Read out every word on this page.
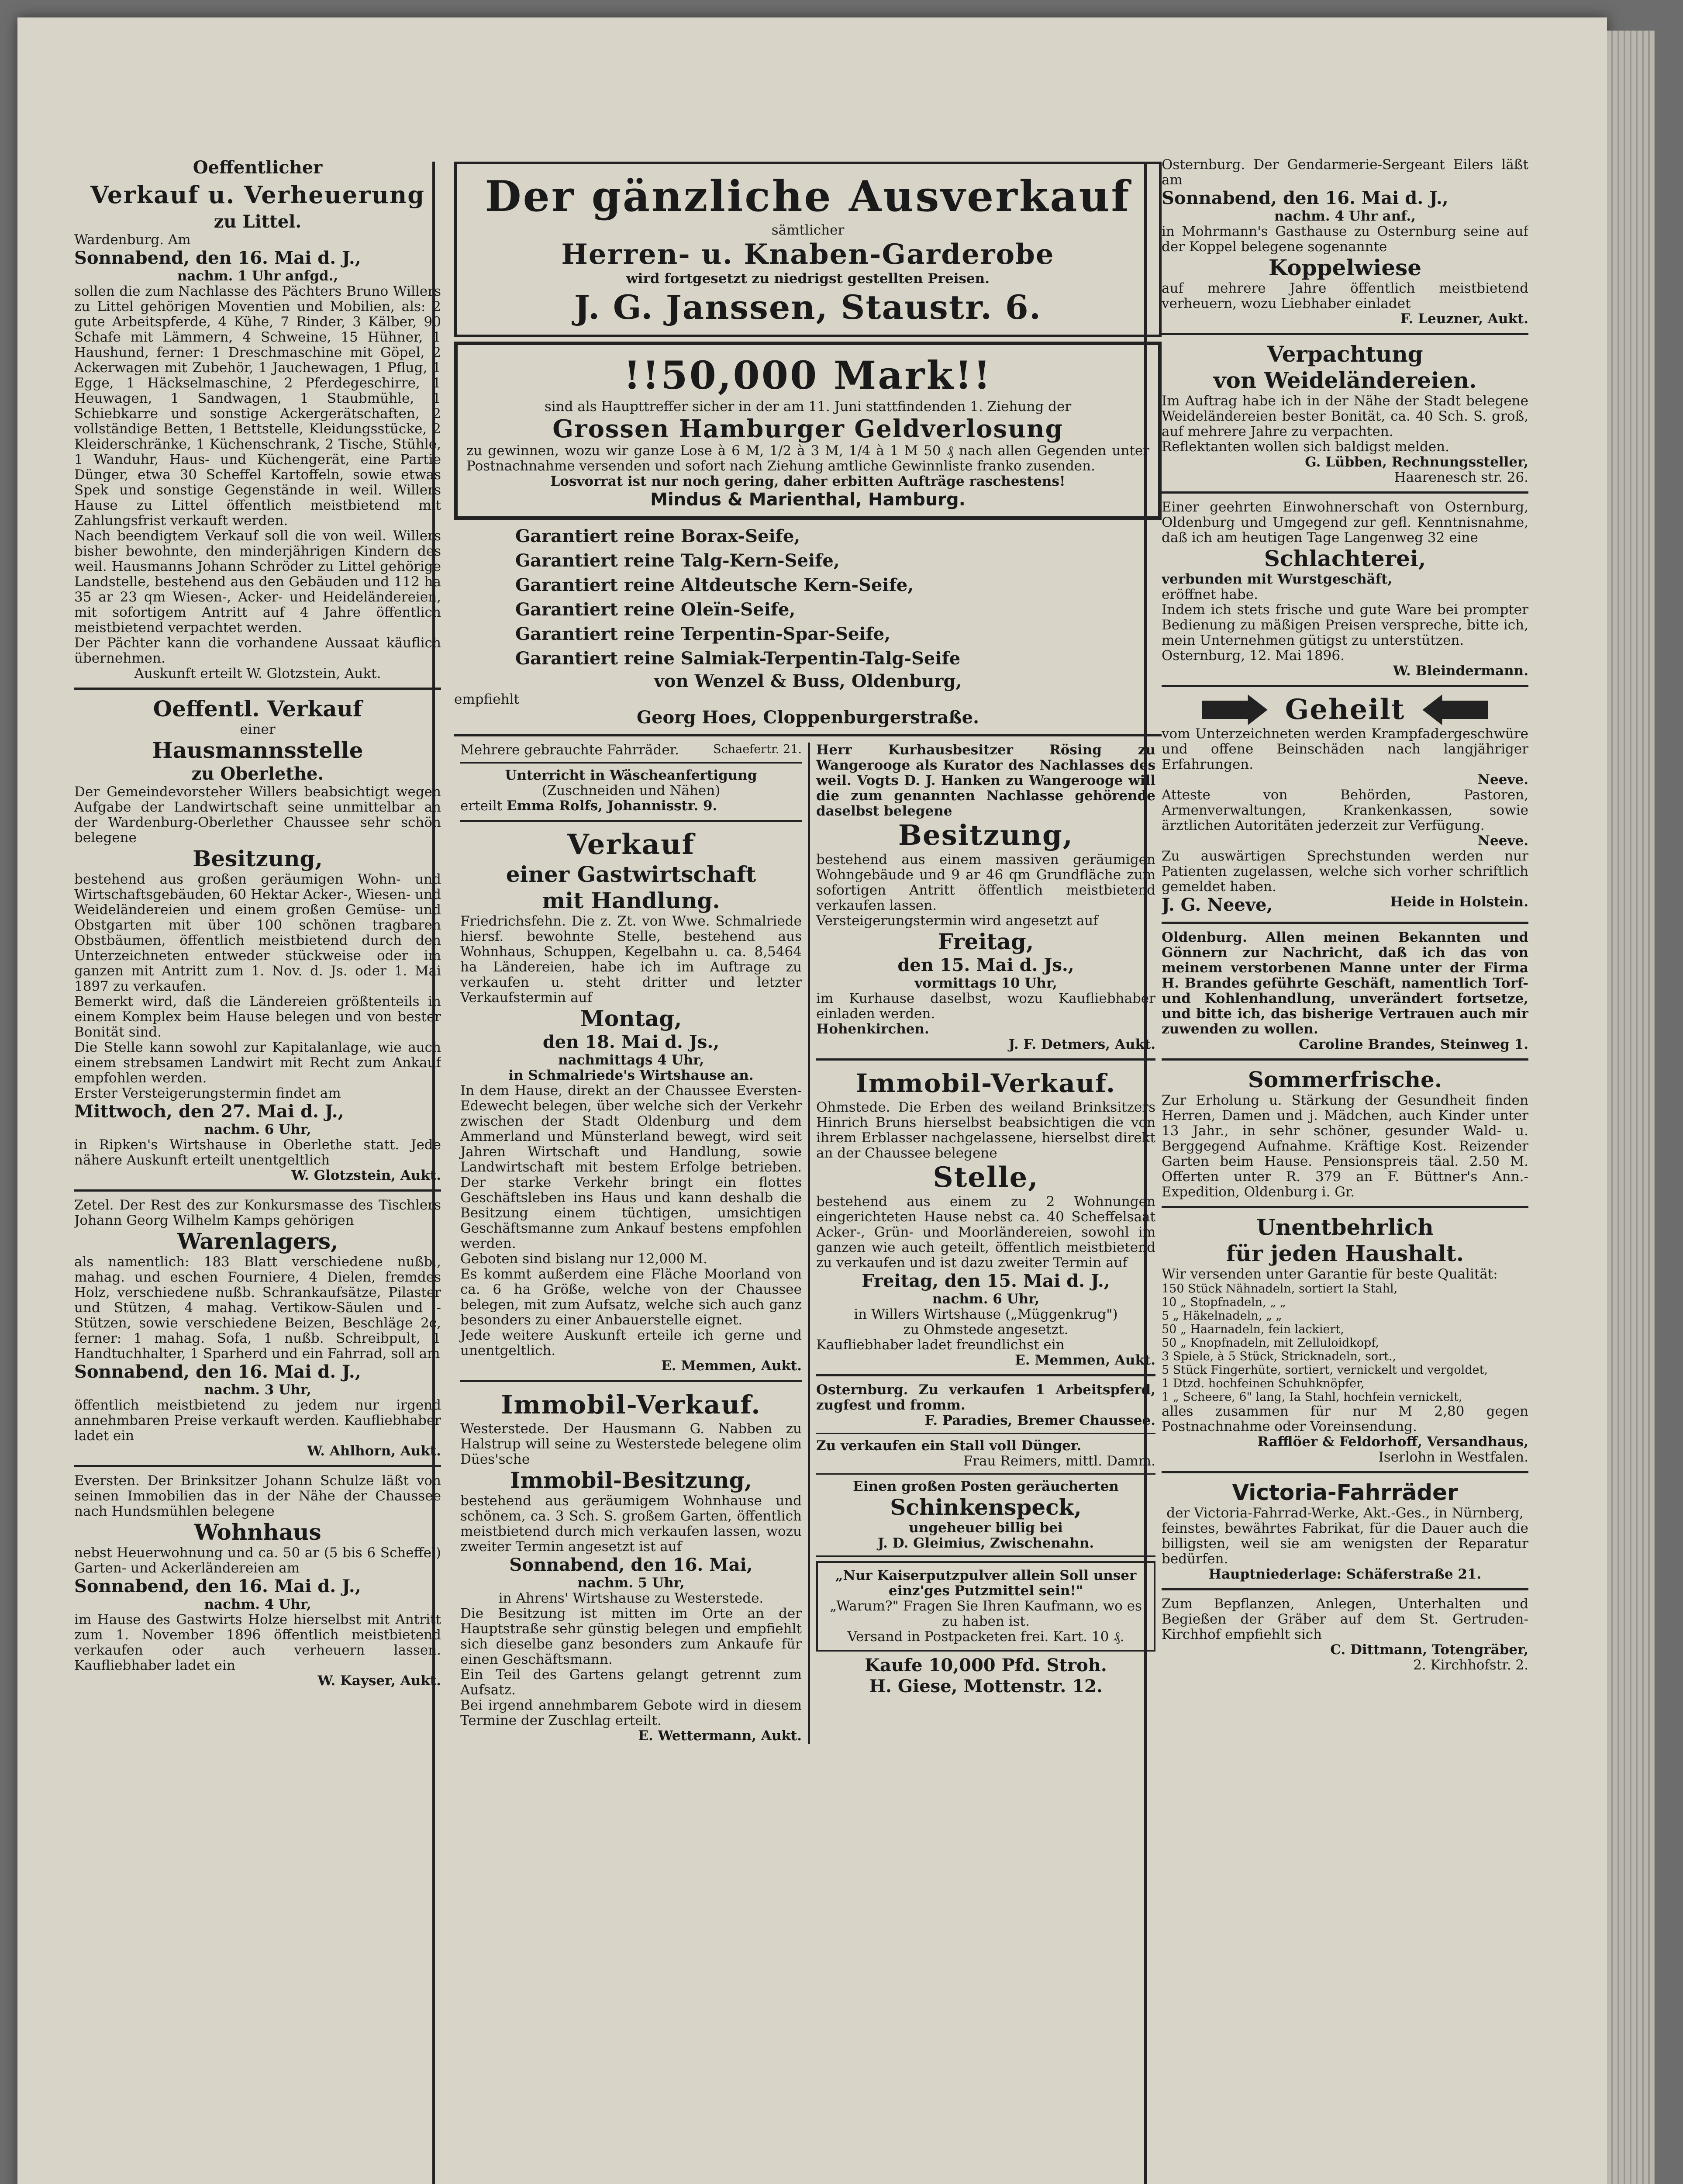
Oeffentlicher

Verkauf u. Verheuerung

zu Littel.

Wardenburg. Am

Sonnabend, den 16. Mai d. J.,

nachm. 1 Uhr anfgd.,

sollen die zum Nachlasse des Pächters Bruno Willers zu Littel gehörigen Moventien und Mobilien, als: 2 gute Arbeitspferde, 4 Kühe, 7 Rinder, 3 Kälber, 90 Schafe mit Lämmern, 4 Schweine, 15 Hühner, 1 Haushund, ferner: 1 Dreschmaschine mit Göpel, 2 Ackerwagen mit Zubehör, 1 Jauchewagen, 1 Pflug, 1 Egge, 1 Häckselmaschine, 2 Pferdegeschirre, 1 Heuwagen, 1 Sandwagen, 1 Staubmühle, 1 Schiebkarre und sonstige Ackergerätschaften, 2 vollständige Betten, 1 Bettstelle, Kleidungsstücke, 2 Kleiderschränke, 1 Küchenschrank, 2 Tische, Stühle, 1 Wanduhr, Haus- und Küchengerät, eine Partie Dünger, etwa 30 Scheffel Kartoffeln, sowie etwas Spek und sonstige Gegenstände in weil. Willers Hause zu Littel öffentlich meistbietend mit Zahlungsfrist verkauft werden.

Nach beendigtem Verkauf soll die von weil. Willers bisher bewohnte, den minderjährigen Kindern des weil. Hausmanns Johann Schröder zu Littel gehörige Landstelle, bestehend aus den Gebäuden und 112 ha 35 ar 23 qm Wiesen-, Acker- und Heideländereien, mit sofortigem Antritt auf 4 Jahre öffentlich meistbietend verpachtet werden.

Der Pächter kann die vorhandene Aussaat käuflich übernehmen.

Auskunft erteilt W. Glotzstein, Aukt.

Oeffentl. Verkauf

einer

Hausmannsstelle

zu Oberlethe.

Der Gemeindevorsteher Willers beabsichtigt wegen Aufgabe der Landwirtschaft seine unmittelbar an der Wardenburg-Oberlether Chaussee sehr schön belegene

Besitzung,

bestehend aus großen geräumigen Wohn- und Wirtschaftsgebäuden, 60 Hektar Acker-, Wiesen- und Weideländereien und einem großen Gemüse- und Obstgarten mit über 100 schönen tragbaren Obstbäumen, öffentlich meistbietend durch den Unterzeichneten entweder stückweise oder im ganzen mit Antritt zum 1. Nov. d. Js. oder 1. Mai 1897 zu verkaufen.

Bemerkt wird, daß die Ländereien größtenteils in einem Komplex beim Hause belegen und von bester Bonität sind.

Die Stelle kann sowohl zur Kapitalanlage, wie auch einem strebsamen Landwirt mit Recht zum Ankauf empfohlen werden.

Erster Versteigerungstermin findet am

Mittwoch, den 27. Mai d. J.,

nachm. 6 Uhr,

in Ripken's Wirtshause in Oberlethe statt. Jede nähere Auskunft erteilt unentgeltlich

W. Glotzstein, Aukt.

Zetel. Der Rest des zur Konkursmasse des Tischlers Johann Georg Wilhelm Kamps gehörigen

Warenlagers,

als namentlich: 183 Blatt verschiedene nußb., mahag. und eschen Fourniere, 4 Dielen, fremdes Holz, verschiedene nußb. Schrankaufsätze, Pilaster und Stützen, 4 mahag. Vertikow-Säulen und -Stützen, sowie verschiedene Beizen, Beschläge 2c, ferner: 1 mahag. Sofa, 1 nußb. Schreibpult, 1 Handtuchhalter, 1 Sparherd und ein Fahrrad, soll am

Sonnabend, den 16. Mai d. J.,

nachm. 3 Uhr,

öffentlich meistbietend zu jedem nur irgend annehmbaren Preise verkauft werden. Kaufliebhaber ladet ein

W. Ahlhorn, Aukt.

Eversten. Der Brinksitzer Johann Schulze läßt von seinen Immobilien das in der Nähe der Chaussee nach Hundsmühlen belegene

Wohnhaus

nebst Heuerwohnung und ca. 50 ar (5 bis 6 Scheffel) Garten- und Ackerländereien am

Sonnabend, den 16. Mai d. J.,

nachm. 4 Uhr,

im Hause des Gastwirts Holze hierselbst mit Antritt zum 1. November 1896 öffentlich meistbietend verkaufen oder auch verheuern lassen. Kaufliebhaber ladet ein

W. Kayser, Aukt.

Der gänzliche Ausverkauf

sämtlicher

Herren- u. Knaben-Garderobe

wird fortgesetzt zu niedrigst gestellten Preisen.

J. G. Janssen, Staustr. 6.

!!50,000 Mark!!

sind als Haupttreffer sicher in der am 11. Juni stattfindenden 1. Ziehung der

Grossen Hamburger Geldverlosung

zu gewinnen, wozu wir ganze Lose à 6 M, 1/2 à 3 M, 1/4 à 1 M 50 ₰ nach allen Gegenden unter Postnachnahme versenden und sofort nach Ziehung amtliche Gewinnliste franko zusenden.

Losvorrat ist nur noch gering, daher erbitten Aufträge raschestens!

Mindus & Marienthal, Hamburg.

Garantiert reine Borax-Seife,

Garantiert reine Talg-Kern-Seife,

Garantiert reine Altdeutsche Kern-Seife,

Garantiert reine Oleïn-Seife,

Garantiert reine Terpentin-Spar-Seife,

Garantiert reine Salmiak-Terpentin-Talg-Seife

von Wenzel & Buss, Oldenburg,

empfiehlt

Georg Hoes, Cloppenburgerstraße.

Mehrere gebrauchte Fahrräder.	Schaefertr. 21.

Unterricht in Wäscheanfertigung

(Zuschneiden und Nähen)

erteilt Emma Rolfs, Johannisstr. 9.

Verkauf

einer Gastwirtschaft

mit Handlung.

Friedrichsfehn. Die z. Zt. von Wwe. Schmalriede hiersf. bewohnte Stelle, bestehend aus Wohnhaus, Schuppen, Kegelbahn u. ca. 8,5464 ha Ländereien, habe ich im Auftrage zu verkaufen u. steht dritter und letzter Verkaufstermin auf

Montag,

den 18. Mai d. Js.,

nachmittags 4 Uhr,

in Schmalriede's Wirtshause an.

In dem Hause, direkt an der Chaussee Eversten-Edewecht belegen, über welche sich der Verkehr zwischen der Stadt Oldenburg und dem Ammerland und Münsterland bewegt, wird seit Jahren Wirtschaft und Handlung, sowie Landwirtschaft mit bestem Erfolge betrieben. Der starke Verkehr bringt ein flottes Geschäftsleben ins Haus und kann deshalb die Besitzung einem tüchtigen, umsichtigen Geschäftsmanne zum Ankauf bestens empfohlen werden.

Geboten sind bislang nur 12,000 M.

Es kommt außerdem eine Fläche Moorland von ca. 6 ha Größe, welche von der Chaussee belegen, mit zum Aufsatz, welche sich auch ganz besonders zu einer Anbauerstelle eignet.

Jede weitere Auskunft erteile ich gerne und unentgeltlich.

E. Memmen, Aukt.

Immobil-Verkauf.

Westerstede. Der Hausmann G. Nabben zu Halstrup will seine zu Westerstede belegene olim Dües'sche

Immobil-Besitzung,

bestehend aus geräumigem Wohnhause und schönem, ca. 3 Sch. S. großem Garten, öffentlich meistbietend durch mich verkaufen lassen, wozu zweiter Termin angesetzt ist auf

Sonnabend, den 16. Mai,

nachm. 5 Uhr,

in Ahrens' Wirtshause zu Westerstede.

Die Besitzung ist mitten im Orte an der Hauptstraße sehr günstig belegen und empfiehlt sich dieselbe ganz besonders zum Ankaufe für einen Geschäftsmann.

Ein Teil des Gartens gelangt getrennt zum Aufsatz.

Bei irgend annehmbarem Gebote wird in diesem Termine der Zuschlag erteilt.

E. Wettermann, Aukt.

Herr Kurhausbesitzer Rösing zu Wangerooge als Kurator des Nachlasses des weil. Vogts D. J. Hanken zu Wangerooge will die zum genannten Nachlasse gehörende daselbst belegene

Besitzung,

bestehend aus einem massiven geräumigen Wohngebäude und 9 ar 46 qm Grundfläche zum sofortigen Antritt öffentlich meistbietend verkaufen lassen.

Versteigerungstermin wird angesetzt auf

Freitag,

den 15. Mai d. Js.,

vormittags 10 Uhr,

im Kurhause daselbst, wozu Kaufliebhaber einladen werden.

Hohenkirchen.

J. F. Detmers, Aukt.

Immobil-Verkauf.

Ohmstede. Die Erben des weiland Brinksitzers Hinrich Bruns hierselbst beabsichtigen die von ihrem Erblasser nachgelassene, hierselbst direkt an der Chaussee belegene

Stelle,

bestehend aus einem zu 2 Wohnungen eingerichteten Hause nebst ca. 40 Scheffelsaat Acker-, Grün- und Moorländereien, sowohl im ganzen wie auch geteilt, öffentlich meistbietend zu verkaufen und ist dazu zweiter Termin auf

Freitag, den 15. Mai d. J.,

nachm. 6 Uhr,

in Willers Wirtshause („Müggenkrug")

zu Ohmstede angesetzt.

Kaufliebhaber ladet freundlichst ein

E. Memmen, Aukt.

Osternburg. Zu verkaufen 1 Arbeitspferd, zugfest und fromm.

F. Paradies, Bremer Chaussee.

Zu verkaufen ein Stall voll Dünger.

Frau Reimers, mittl. Damm.

Einen großen Posten geräucherten

Schinkenspeck,

ungeheuer billig bei

J. D. Gleimius, Zwischenahn.

„Nur Kaiserputzpulver allein Soll unser einz'ges Putzmittel sein!"

„Warum?" Fragen Sie Ihren Kaufmann, wo es zu haben ist.

Versand in Postpacketen frei. Kart. 10 ₰.

Kaufe 10,000 Pfd. Stroh.

H. Giese, Mottenstr. 12.

Osternburg. Der Gendarmerie-Sergeant Eilers läßt am

Sonnabend, den 16. Mai d. J.,

nachm. 4 Uhr anf.,

in Mohrmann's Gasthause zu Osternburg seine auf der Koppel belegene sogenannte

Koppelwiese

auf mehrere Jahre öffentlich meistbietend verheuern, wozu Liebhaber einladet

F. Leuzner, Aukt.

Verpachtung

von Weideländereien.

Im Auftrag habe ich in der Nähe der Stadt belegene Weideländereien bester Bonität, ca. 40 Sch. S. groß, auf mehrere Jahre zu verpachten.

Reflektanten wollen sich baldigst melden.

G. Lübben, Rechnungssteller,

Haarenesch str. 26.

Einer geehrten Einwohnerschaft von Osternburg, Oldenburg und Umgegend zur gefl. Kenntnisnahme, daß ich am heutigen Tage Langenweg 32 eine

Schlachterei,

verbunden mit Wurstgeschäft,

eröffnet habe.

Indem ich stets frische und gute Ware bei prompter Bedienung zu mäßigen Preisen verspreche, bitte ich, mein Unternehmen gütigst zu unterstützen.

Osternburg, 12. Mai 1896.

W. Bleindermann.

Geheilt

vom Unterzeichneten werden Krampfadergeschwüre und offene Beinschäden nach langjähriger Erfahrungen.

Neeve.

Atteste von Behörden, Pastoren, Armenverwaltungen, Krankenkassen, sowie ärztlichen Autoritäten jederzeit zur Verfügung.

Neeve.

Zu auswärtigen Sprechstunden werden nur Patienten zugelassen, welche sich vorher schriftlich gemeldet haben.

J. G. Neeve,	Heide in Holstein.

Oldenburg. Allen meinen Bekannten und Gönnern zur Nachricht, daß ich das von meinem verstorbenen Manne unter der Firma H. Brandes geführte Geschäft, namentlich Torf- und Kohlenhandlung, unverändert fortsetze, und bitte ich, das bisherige Vertrauen auch mir zuwenden zu wollen.

Caroline Brandes, Steinweg 1.

Sommerfrische.

Zur Erholung u. Stärkung der Gesundheit finden Herren, Damen und j. Mädchen, auch Kinder unter 13 Jahr., in sehr schöner, gesunder Wald- u. Berggegend Aufnahme. Kräftige Kost. Reizender Garten beim Hause. Pensionspreis täal. 2.50 M. Offerten unter R. 379 an F. Büttner's Ann.-Expedition, Oldenburg i. Gr.

Unentbehrlich

für jeden Haushalt.

Wir versenden unter Garantie für beste Qualität:

150 Stück Nähnadeln, sortiert Ia Stahl,

10 „ Stopfnadeln, „ „

5 „ Häkelnadeln, „ „

50 „ Haarnadeln, fein lackiert,

50 „ Knopfnadeln, mit Zelluloidkopf,

3 Spiele, à 5 Stück, Stricknadeln, sort.,

5 Stück Fingerhüte, sortiert, vernickelt und vergoldet,

1 Dtzd. hochfeinen Schuhknöpfer,

1 „ Scheere, 6" lang, Ia Stahl, hochfein vernickelt,

alles zusammen für nur M 2,80 gegen Postnachnahme oder Voreinsendung.

Rafflöer & Feldorhoff, Versandhaus,

Iserlohn in Westfalen.

Victoria-Fahrräder

der Victoria-Fahrrad-Werke, Akt.-Ges., in Nürnberg,

feinstes, bewährtes Fabrikat, für die Dauer auch die billigsten, weil sie am wenigsten der Reparatur bedürfen.

Hauptniederlage: Schäferstraße 21.

Zum Bepflanzen, Anlegen, Unterhalten und Begießen der Gräber auf dem St. Gertruden-Kirchhof empfiehlt sich

C. Dittmann, Totengräber,

2. Kirchhofstr. 2.
